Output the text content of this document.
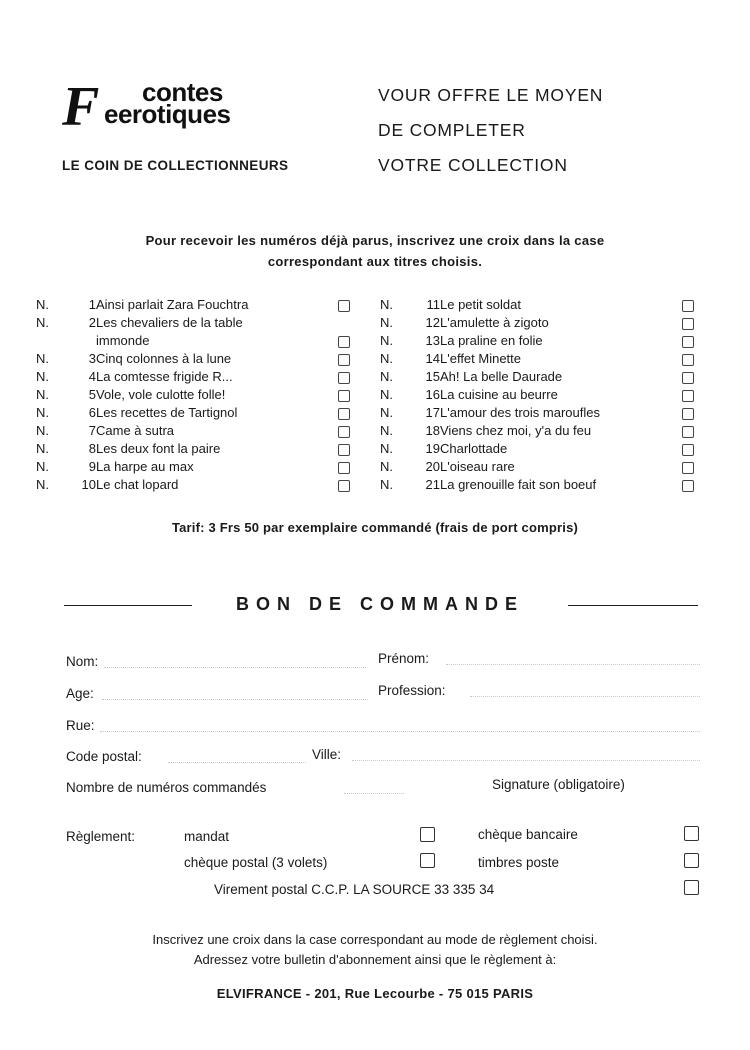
F contes
eerotiques
LE COIN DE COLLECTIONNEURS
VOUR OFFRE LE MOYEN
DE COMPLETER
VOTRE COLLECTION
Pour recevoir les numéros déjà parus, inscrivez une croix dans la case
correspondant aux titres choisis.
N.	1 Ainsi parlait Zara Fouchtra
N.	2 Les chevaliers de la table
immonde
N.	3 Cinq colonnes à la lune
N.	4 La comtesse frigide R...
N.	5 Vole, vole culotte folle!
N.	6 Les recettes de Tartignol
N.	7 Came à sutra
N.	8 Les deux font la paire
N.	9 La harpe au max
N.	10 Le chat lopard
N.	11 Le petit soldat
N.	12 L'amulette à zigoto
N.	13 La praline en folie
N.	14 L'effet Minette
N.	15 Ah! La belle Daurade
N.	16 La cuisine au beurre
N.	17 L'amour des trois maroufles
N.	18 Viens chez moi, y'a du feu
N.	19 Charlottade
N.	20 L'oiseau rare
N.	21 La grenouille fait son boeuf
Tarif: 3 Frs 50 par exemplaire commandé (frais de port compris)
BON DE COMMANDE
Nom:	Prénom:
Age:	Profession:
Rue:
Code postal:	Ville:
Nombre de numéros commandés	Signature (obligatoire)
Règlement:	mandat	chèque bancaire
chèque postal (3 volets)	timbres poste
Virement postal C.C.P. LA SOURCE 33 335 34
Inscrivez une croix dans la case correspondant au mode de règlement choisi.
Adressez votre bulletin d'abonnement ainsi que le règlement à:
ELVIFRANCE - 201, Rue Lecourbe - 75 015 PARIS
